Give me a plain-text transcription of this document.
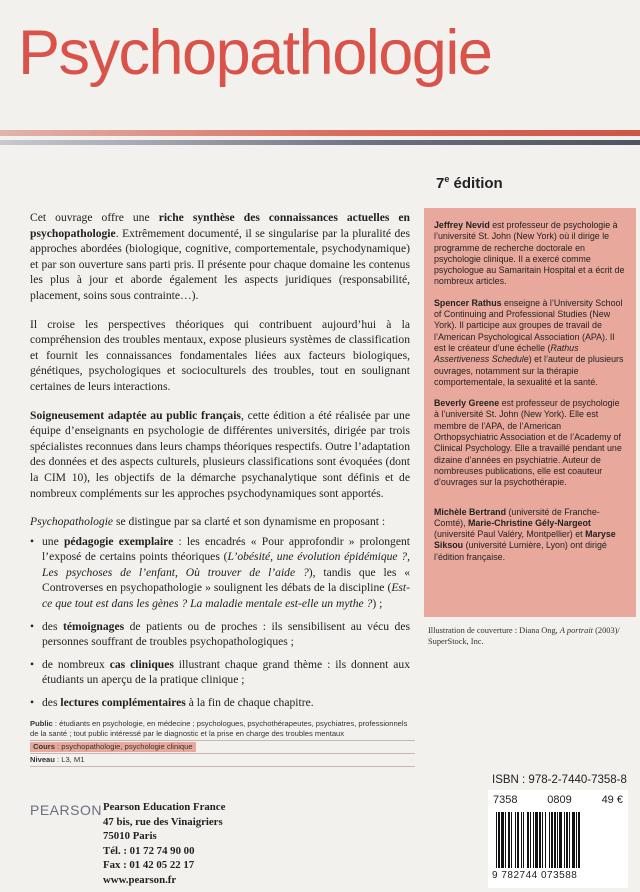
Psychopathologie
7e édition

Cet ouvrage offre une riche synthèse des connaissances actuelles en psychopathologie. Extrêmement documenté, il se singularise par la pluralité des approches abordées (biologique, cognitive, comportementale, psychodynamique) et par son ouverture sans parti pris. Il présente pour chaque domaine les contenus les plus à jour et aborde également les aspects juridiques (responsabilité, placement, soins sous contrainte…).

Il croise les perspectives théoriques qui contribuent aujourd’hui à la compréhension des troubles mentaux, expose plusieurs systèmes de classification et fournit les connaissances fondamentales liées aux facteurs biologiques, génétiques, psychologiques et socioculturels des troubles, tout en soulignant certaines de leurs interactions.

Soigneusement adaptée au public français, cette édition a été réalisée par une équipe d’enseignants en psychologie de différentes universités, dirigée par trois spécialistes reconnues dans leurs champs théoriques respectifs. Outre l’adaptation des données et des aspects culturels, plusieurs classifications sont évoquées (dont la CIM 10), les objectifs de la démarche psychanalytique sont définis et de nombreux compléments sur les approches psychodynamiques sont apportés.

Psychopathologie se distingue par sa clarté et son dynamisme en proposant :

• une pédagogie exemplaire : les encadrés « Pour approfondir » prolongent l’exposé de certains points théoriques (L’obésité, une évolution épidémique ?, Les psychoses de l’enfant, Où trouver de l’aide ?), tandis que les « Controverses en psychopathologie » soulignent les débats de la discipline (Est-ce que tout est dans les gènes ? La maladie mentale est-elle un mythe ?) ;
• des témoignages de patients ou de proches : ils sensibilisent au vécu des personnes souffrant de troubles psychopathologiques ;
• de nombreux cas cliniques illustrant chaque grand thème : ils donnent aux étudiants un aperçu de la pratique clinique ;
• des lectures complémentaires à la fin de chaque chapitre.

Jeffrey Nevid est professeur de psychologie à l’université St. John (New York) où il dirige le programme de recherche doctorale en psychologie clinique. Il a exercé comme psychologue au Samaritain Hospital et a écrit de nombreux articles.

Spencer Rathus enseigne à l’University School of Continuing and Professional Studies (New York). Il participe aux groupes de travail de l’American Psychological Association (APA). Il est le créateur d’une échelle (Rathus Assertiveness Schedule) et l’auteur de plusieurs ouvrages, notamment sur la thérapie comportementale, la sexualité et la santé.

Beverly Greene est professeur de psychologie à l’université St. John (New York). Elle est membre de l’APA, de l’American Orthopsychiatric Association et de l’Academy of Clinical Psychology. Elle a travaillé pendant une dizaine d’années en psychiatrie. Auteur de nombreuses publications, elle est coauteur d’ouvrages sur la psychothérapie.

Michèle Bertrand (université de Franche-Comté), Marie-Christine Gély-Nargeot (université Paul Valéry, Montpellier) et Maryse Siksou (université Lumière, Lyon) ont dirigé l’édition française.

Illustration de couverture : Diana Ong, A portrait (2003)/ SuperStock, Inc.
Public : étudiants en psychologie, en médecine ; psychologues, psychothérapeutes, psychiatres, professionnels de la santé ; tout public intéressé par le diagnostic et la prise en charge des troubles mentaux
Cours : psychopathologie, psychologie clinique
Niveau : L3, M1
PEARSON Pearson Education France
47 bis, rue des Vinaigriers
75010 Paris
Tél. : 01 72 74 90 00
Fax : 01 42 05 22 17
www.pearson.fr
ISBN : 978-2-7440-7358-8
7358	0809	49 €
9 782744 073588
